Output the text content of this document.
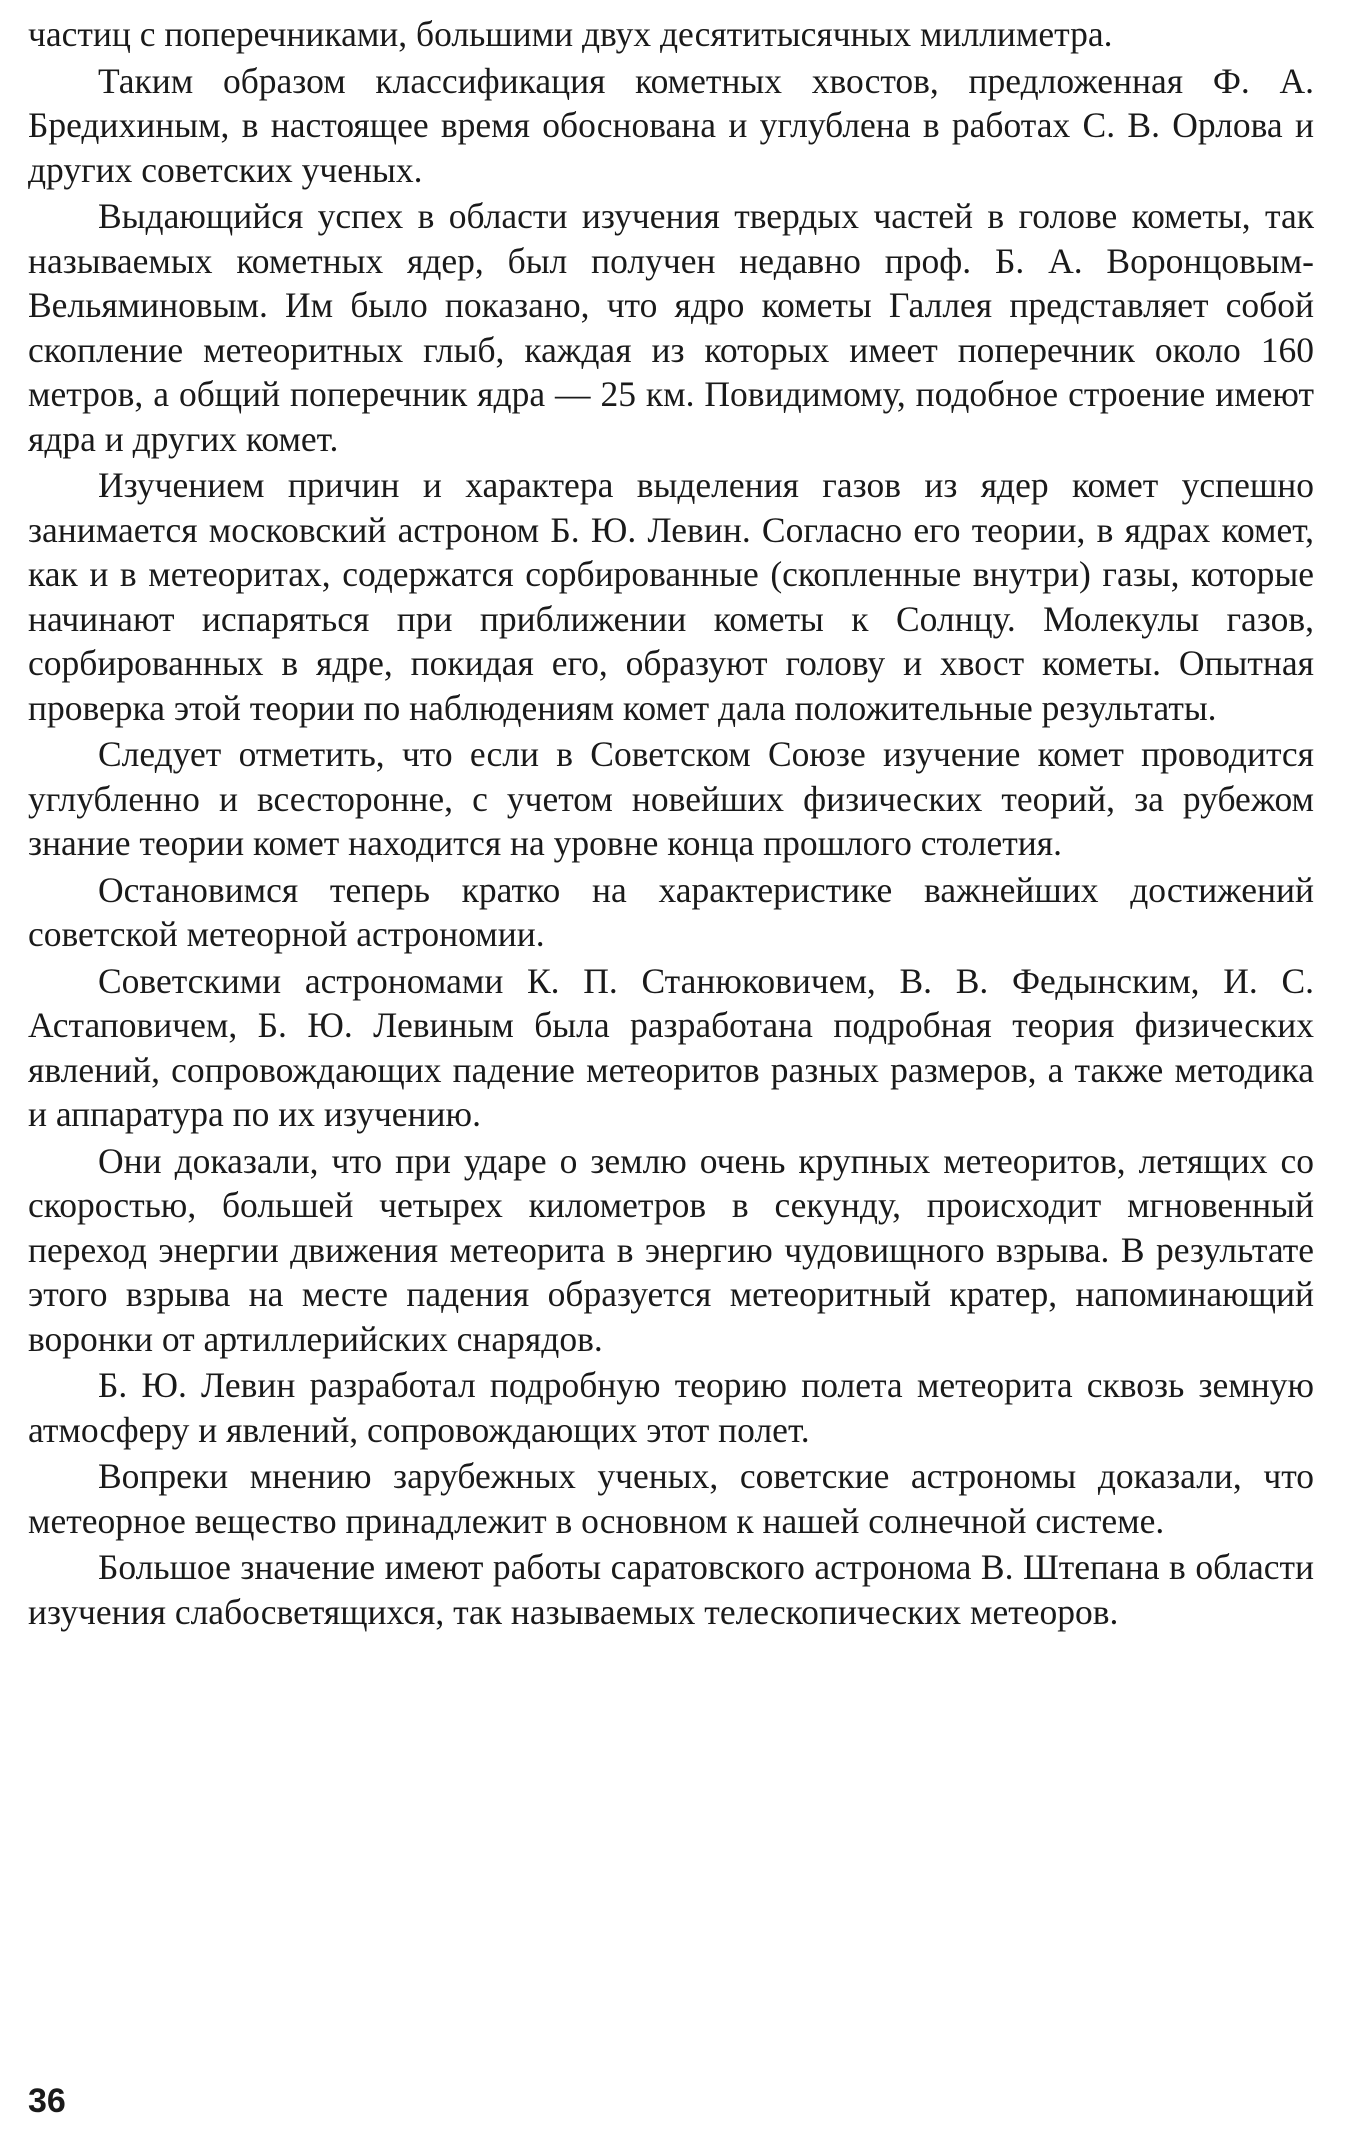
частиц с поперечниками, большими двух десятитысячных миллиметра.

Таким образом классификация кометных хвостов, предложенная Ф. А. Бредихиным, в настоящее время обоснована и углублена в работах С. В. Орлова и других советских ученых.

Выдающийся успех в области изучения твердых частей в голове кометы, так называемых кометных ядер, был получен недавно проф. Б. А. Воронцовым-Вельяминовым. Им было показано, что ядро кометы Галлея представляет собой скопление метеоритных глыб, каждая из которых имеет поперечник около 160 метров, а общий поперечник ядра — 25 км. Повидимому, подобное строение имеют ядра и других комет.

Изучением причин и характера выделения газов из ядер комет успешно занимается московский астроном Б. Ю. Левин. Согласно его теории, в ядрах комет, как и в метеоритах, содержатся сорбированные (скопленные внутри) газы, которые начинают испаряться при приближении кометы к Солнцу. Молекулы газов, сорбированных в ядре, покидая его, образуют голову и хвост кометы. Опытная проверка этой теории по наблюдениям комет дала положительные результаты.

Следует отметить, что если в Советском Союзе изучение комет проводится углубленно и всесторонне, с учетом новейших физических теорий, за рубежом знание теории комет находится на уровне конца прошлого столетия.

Остановимся теперь кратко на характеристике важнейших достижений советской метеорной астрономии.

Советскими астрономами К. П. Станюковичем, В. В. Федынским, И. С. Астаповичем, Б. Ю. Левиным была разработана подробная теория физических явлений, сопровождающих падение метеоритов разных размеров, а также методика и аппаратура по их изучению.

Они доказали, что при ударе о землю очень крупных метеоритов, летящих со скоростью, большей четырех километров в секунду, происходит мгновенный переход энергии движения метеорита в энергию чудовищного взрыва. В результате этого взрыва на месте падения образуется метеоритный кратер, напоминающий воронки от артиллерийских снарядов.

Б. Ю. Левин разработал подробную теорию полета метеорита сквозь земную атмосферу и явлений, сопровождающих этот полет.

Вопреки мнению зарубежных ученых, советские астрономы доказали, что метеорное вещество принадлежит в основном к нашей солнечной системе.

Большое значение имеют работы саратовского астронома В. Штепана в области изучения слабосветящихся, так называемых телескопических метеоров.

36
